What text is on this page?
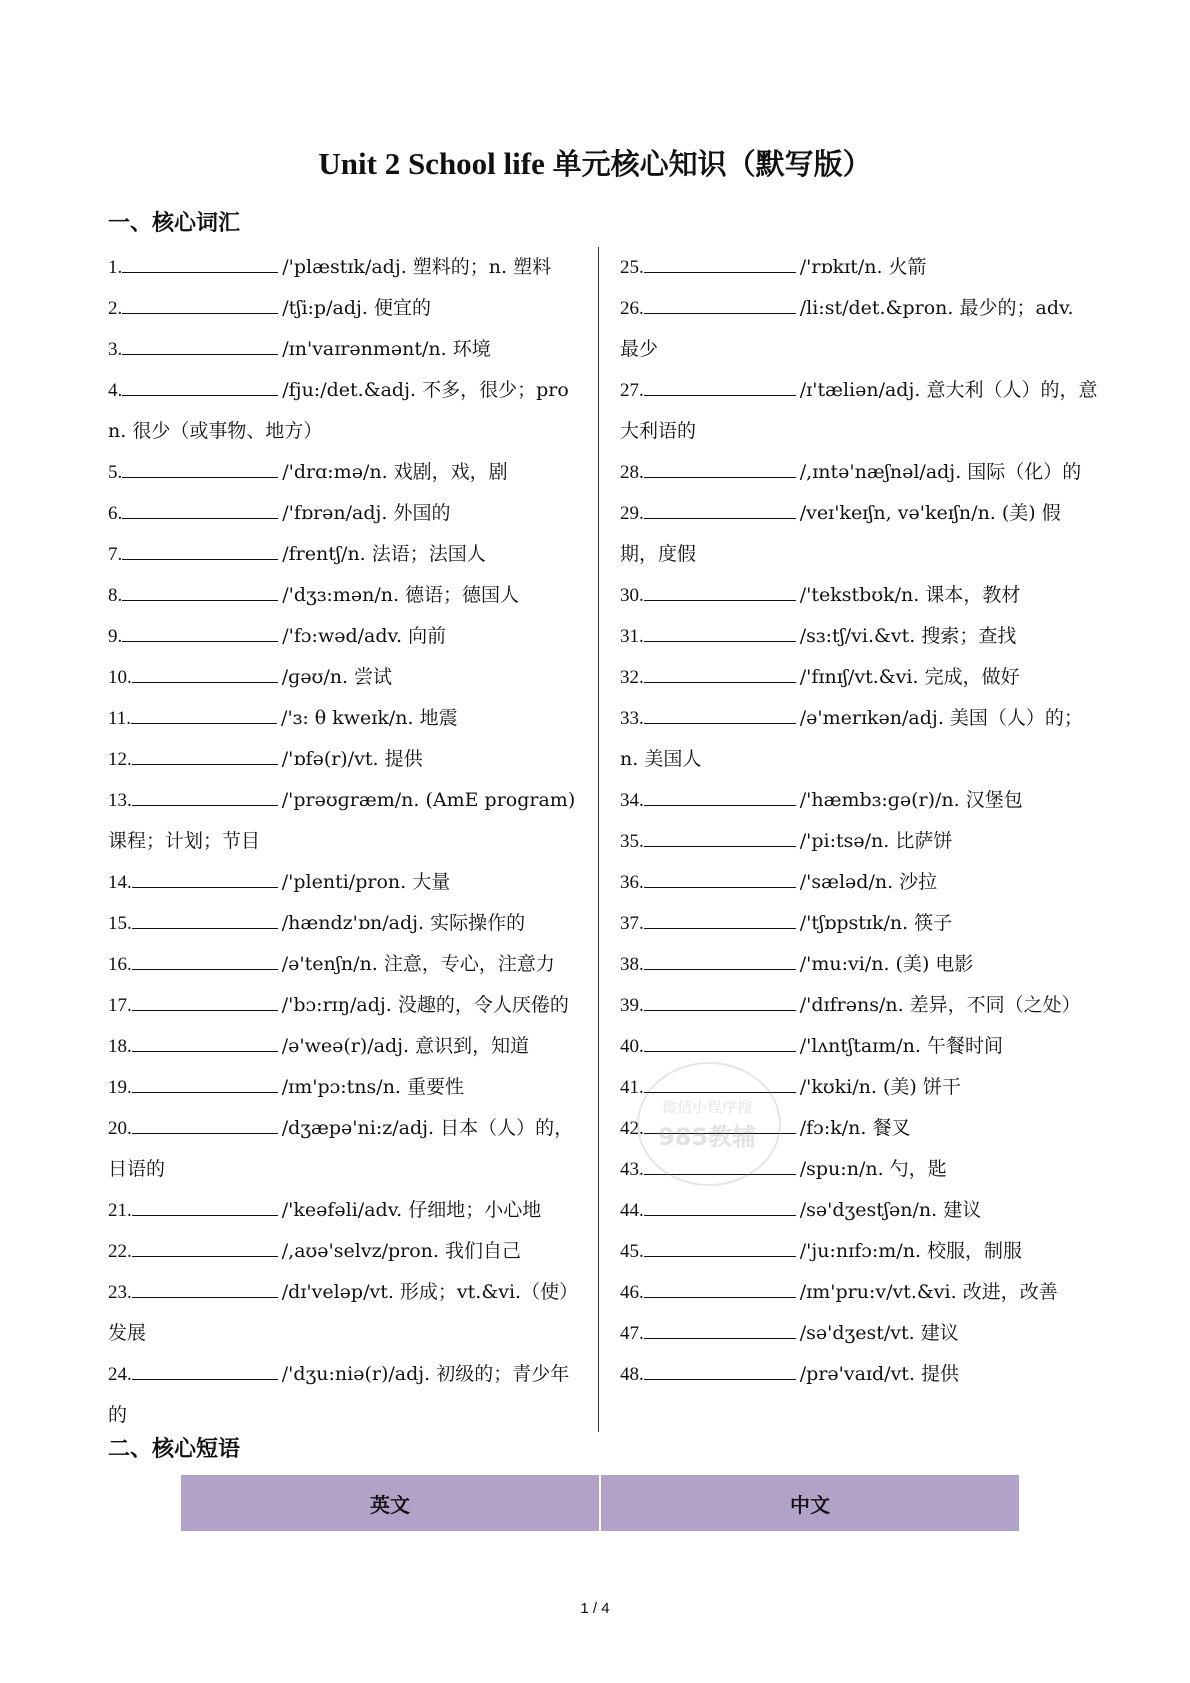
Unit 2 School life 单元核心知识（默写版）
一、核心词汇

1.	/'plæstɪk/adj. 塑料的；n. 塑料

2.	/tʃi:p/adj. 便宜的

3.	/ɪn'vaɪrənmənt/n. 环境

4.	/fju:/det.&adj. 不多，很少；pron. 很少（或事物、地方）

5.	/'drɑ:mə/n. 戏剧，戏，剧

6.	/'fɒrən/adj. 外国的

7.	/frentʃ/n. 法语；法国人

8.	/'dʒɜ:mən/n. 德语；德国人

9.	/'fɔ:wəd/adv. 向前

10.	/ɡəʊ/n. 尝试

11.	/'ɜ: θ kweɪk/n. 地震

12.	/'ɒfə(r)/vt. 提供

13.	/'prəʊɡræm/n. (AmE program) 课程；计划；节目

14.	/'plenti/pron. 大量

15.	/hændz'ɒn/adj. 实际操作的

16.	/ə'tenʃn/n. 注意，专心，注意力

17.	/'bɔ:rɪŋ/adj. 没趣的，令人厌倦的

18.	/ə'weə(r)/adj. 意识到，知道

19.	/ɪm'pɔ:tns/n. 重要性

20.	/dʒæpə'ni:z/adj. 日本（人）的，日语的

21.	/'keəfəli/adv. 仔细地；小心地

22.	/,aʊə'selvz/pron. 我们自己

23.	/dɪ'veləp/vt. 形成；vt.&vi.（使）发展

24.	/'dʒu:niə(r)/adj. 初级的；青少年的

25.	/'rɒkɪt/n. 火箭

26.	/li:st/det.&pron. 最少的；adv. 最少

27.	/ɪ'tæliən/adj. 意大利（人）的，意大利语的

28.	/,ɪntə'næʃnəl/adj. 国际（化）的

29.	/veɪ'keɪʃn, və'keɪʃn/n. (美) 假期，度假

30.	/'tekstbʊk/n. 课本，教材

31.	/sɜ:tʃ/vi.&vt. 搜索；查找

32.	/'fɪnɪʃ/vt.&vi. 完成，做好

33.	/ə'merɪkən/adj. 美国（人）的；n. 美国人

34.	/'hæmbɜ:ɡə(r)/n. 汉堡包

35.	/'pi:tsə/n. 比萨饼

36.	/'sæləd/n. 沙拉

37.	/'tʃɒpstɪk/n. 筷子

38.	/'mu:vi/n. (美) 电影

39.	/'dɪfrəns/n. 差异，不同（之处）

40.	/'lʌntʃtaɪm/n. 午餐时间

41.	/'kʊki/n. (美) 饼干

42.	/fɔ:k/n. 餐叉

43.	/spu:n/n. 勺，匙

44.	/sə'dʒestʃən/n. 建议

45.	/'ju:nɪfɔ:m/n. 校服，制服

46.	/ɪm'pru:v/vt.&vi. 改进，改善

47.	/sə'dʒest/vt. 建议

48.	/prə'vaɪd/vt. 提供

二、核心短语
英文	中文
微信小程序搜
985教辅
1 / 4
